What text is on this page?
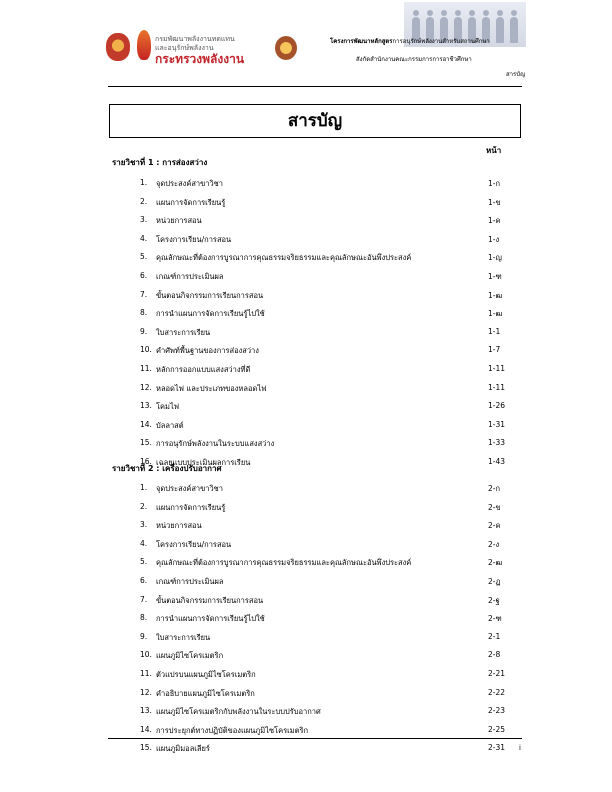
กรมพัฒนาพลังงานทดแทน
และอนุรักษ์พลังงาน
กระทรวงพลังงาน
โครงการพัฒนาหลักสูตรการอนุรักษ์พลังงานสำหรับสถานศึกษา
สังกัดสำนักงานคณะกรรมการการอาชีวศึกษา
สารบัญ
สารบัญ
หน้า
รายวิชาที่ 1 : การส่องสว่าง
1. จุดประสงค์สาขาวิชา	1-ก
2. แผนการจัดการเรียนรู้	1-ข
3. หน่วยการสอน	1-ค
4. โครงการเรียน/การสอน	1-ง
5. คุณลักษณะที่ต้องการบูรณาการคุณธรรมจริยธรรมและคุณลักษณะอันพึงประสงค์	1-ญ
6. เกณฑ์การประเมินผล	1-ฑ
7. ขั้นตอนกิจกรรมการเรียนการสอน	1-ฒ
8. การนำแผนการจัดการเรียนรู้ไปใช้	1-ฒ
9. ใบสาระการเรียน	1-1
10. คำศัพท์พื้นฐานของการส่องสว่าง	1-7
11. หลักการออกแบบแสงสว่างที่ดี	1-11
12. หลอดไฟ และประเภทของหลอดไฟ	1-11
13. โคมไฟ	1-26
14. บัลลาสต์	1-31
15. การอนุรักษ์พลังงานในระบบแสงสว่าง	1-33
16. เฉลยแบบประเมินผลการเรียน	1-43
รายวิชาที่ 2 : เครื่องปรับอากาศ
1. จุดประสงค์สาขาวิชา	2-ก
2. แผนการจัดการเรียนรู้	2-ข
3. หน่วยการสอน	2-ค
4. โครงการเรียน/การสอน	2-ง
5. คุณลักษณะที่ต้องการบูรณาการคุณธรรมจริยธรรมและคุณลักษณะอันพึงประสงค์	2-ฒ
6. เกณฑ์การประเมินผล	2-ฏ
7. ขั้นตอนกิจกรรมการเรียนการสอน	2-ฐ
8. การนำแผนการจัดการเรียนรู้ไปใช้	2-ฑ
9. ใบสาระการเรียน	2-1
10. แผนภูมิไซโครเมตริก	2-8
11. ตัวแปรบนแผนภูมิไซโครเมตริก	2-21
12. คำอธิบายแผนภูมิไซโครเมตริก	2-22
13. แผนภูมิไซโครเมตริกกับพลังงานในระบบปรับอากาศ	2-23
14. การประยุกต์ทางปฏิบัติของแผนภูมิไซโครเมตริก	2-25
15. แผนภูมิมอลเลียร์	2-31 i
